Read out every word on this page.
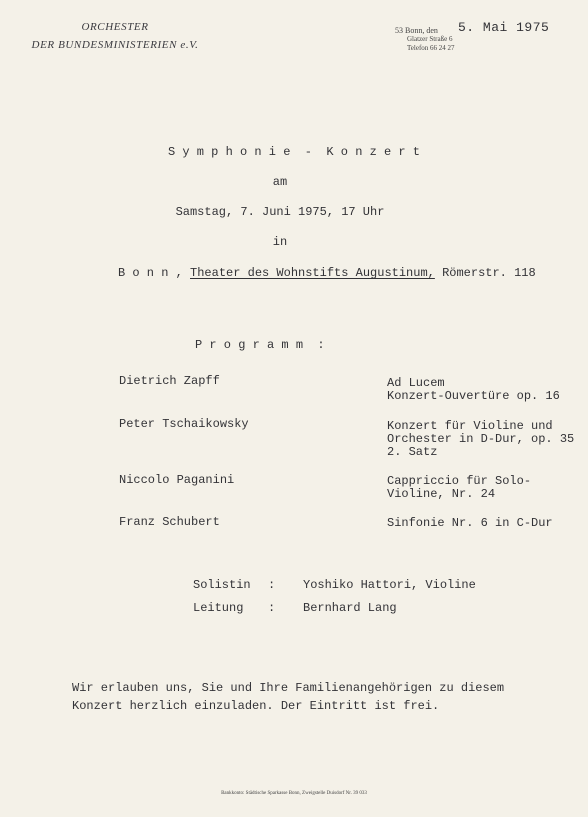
ORCHESTER
DER BUNDESMINISTERIEN e.V.
53 Bonn, den
Glatzer Straße 6
Telefon 66 24 27
5. Mai 1975
S y m p h o n i e  -  K o n z e r t
am
Samstag, 7. Juni 1975, 17 Uhr
in
B o n n , Theater des Wohnstifts Augustinum, Römerstr. 118
P r o g r a m m  :
Dietrich Zapff	Ad Lucem
Konzert-Ouvertüre op. 16
Peter Tschaikowsky	Konzert für Violine und
Orchester in D-Dur, op. 35
2. Satz
Niccolo Paganini	Cappriccio für Solo-
Violine, Nr. 24
Franz Schubert	Sinfonie Nr. 6 in C-Dur
Solistin : Yoshiko Hattori, Violine
Leitung : Bernhard Lang
Wir erlauben uns, Sie und Ihre Familienangehörigen zu diesem
Konzert herzlich einzuladen. Der Eintritt ist frei.
Bankkonto: Städtische Sparkasse Bonn, Zweigstelle Duisdorf Nr. 39 033
